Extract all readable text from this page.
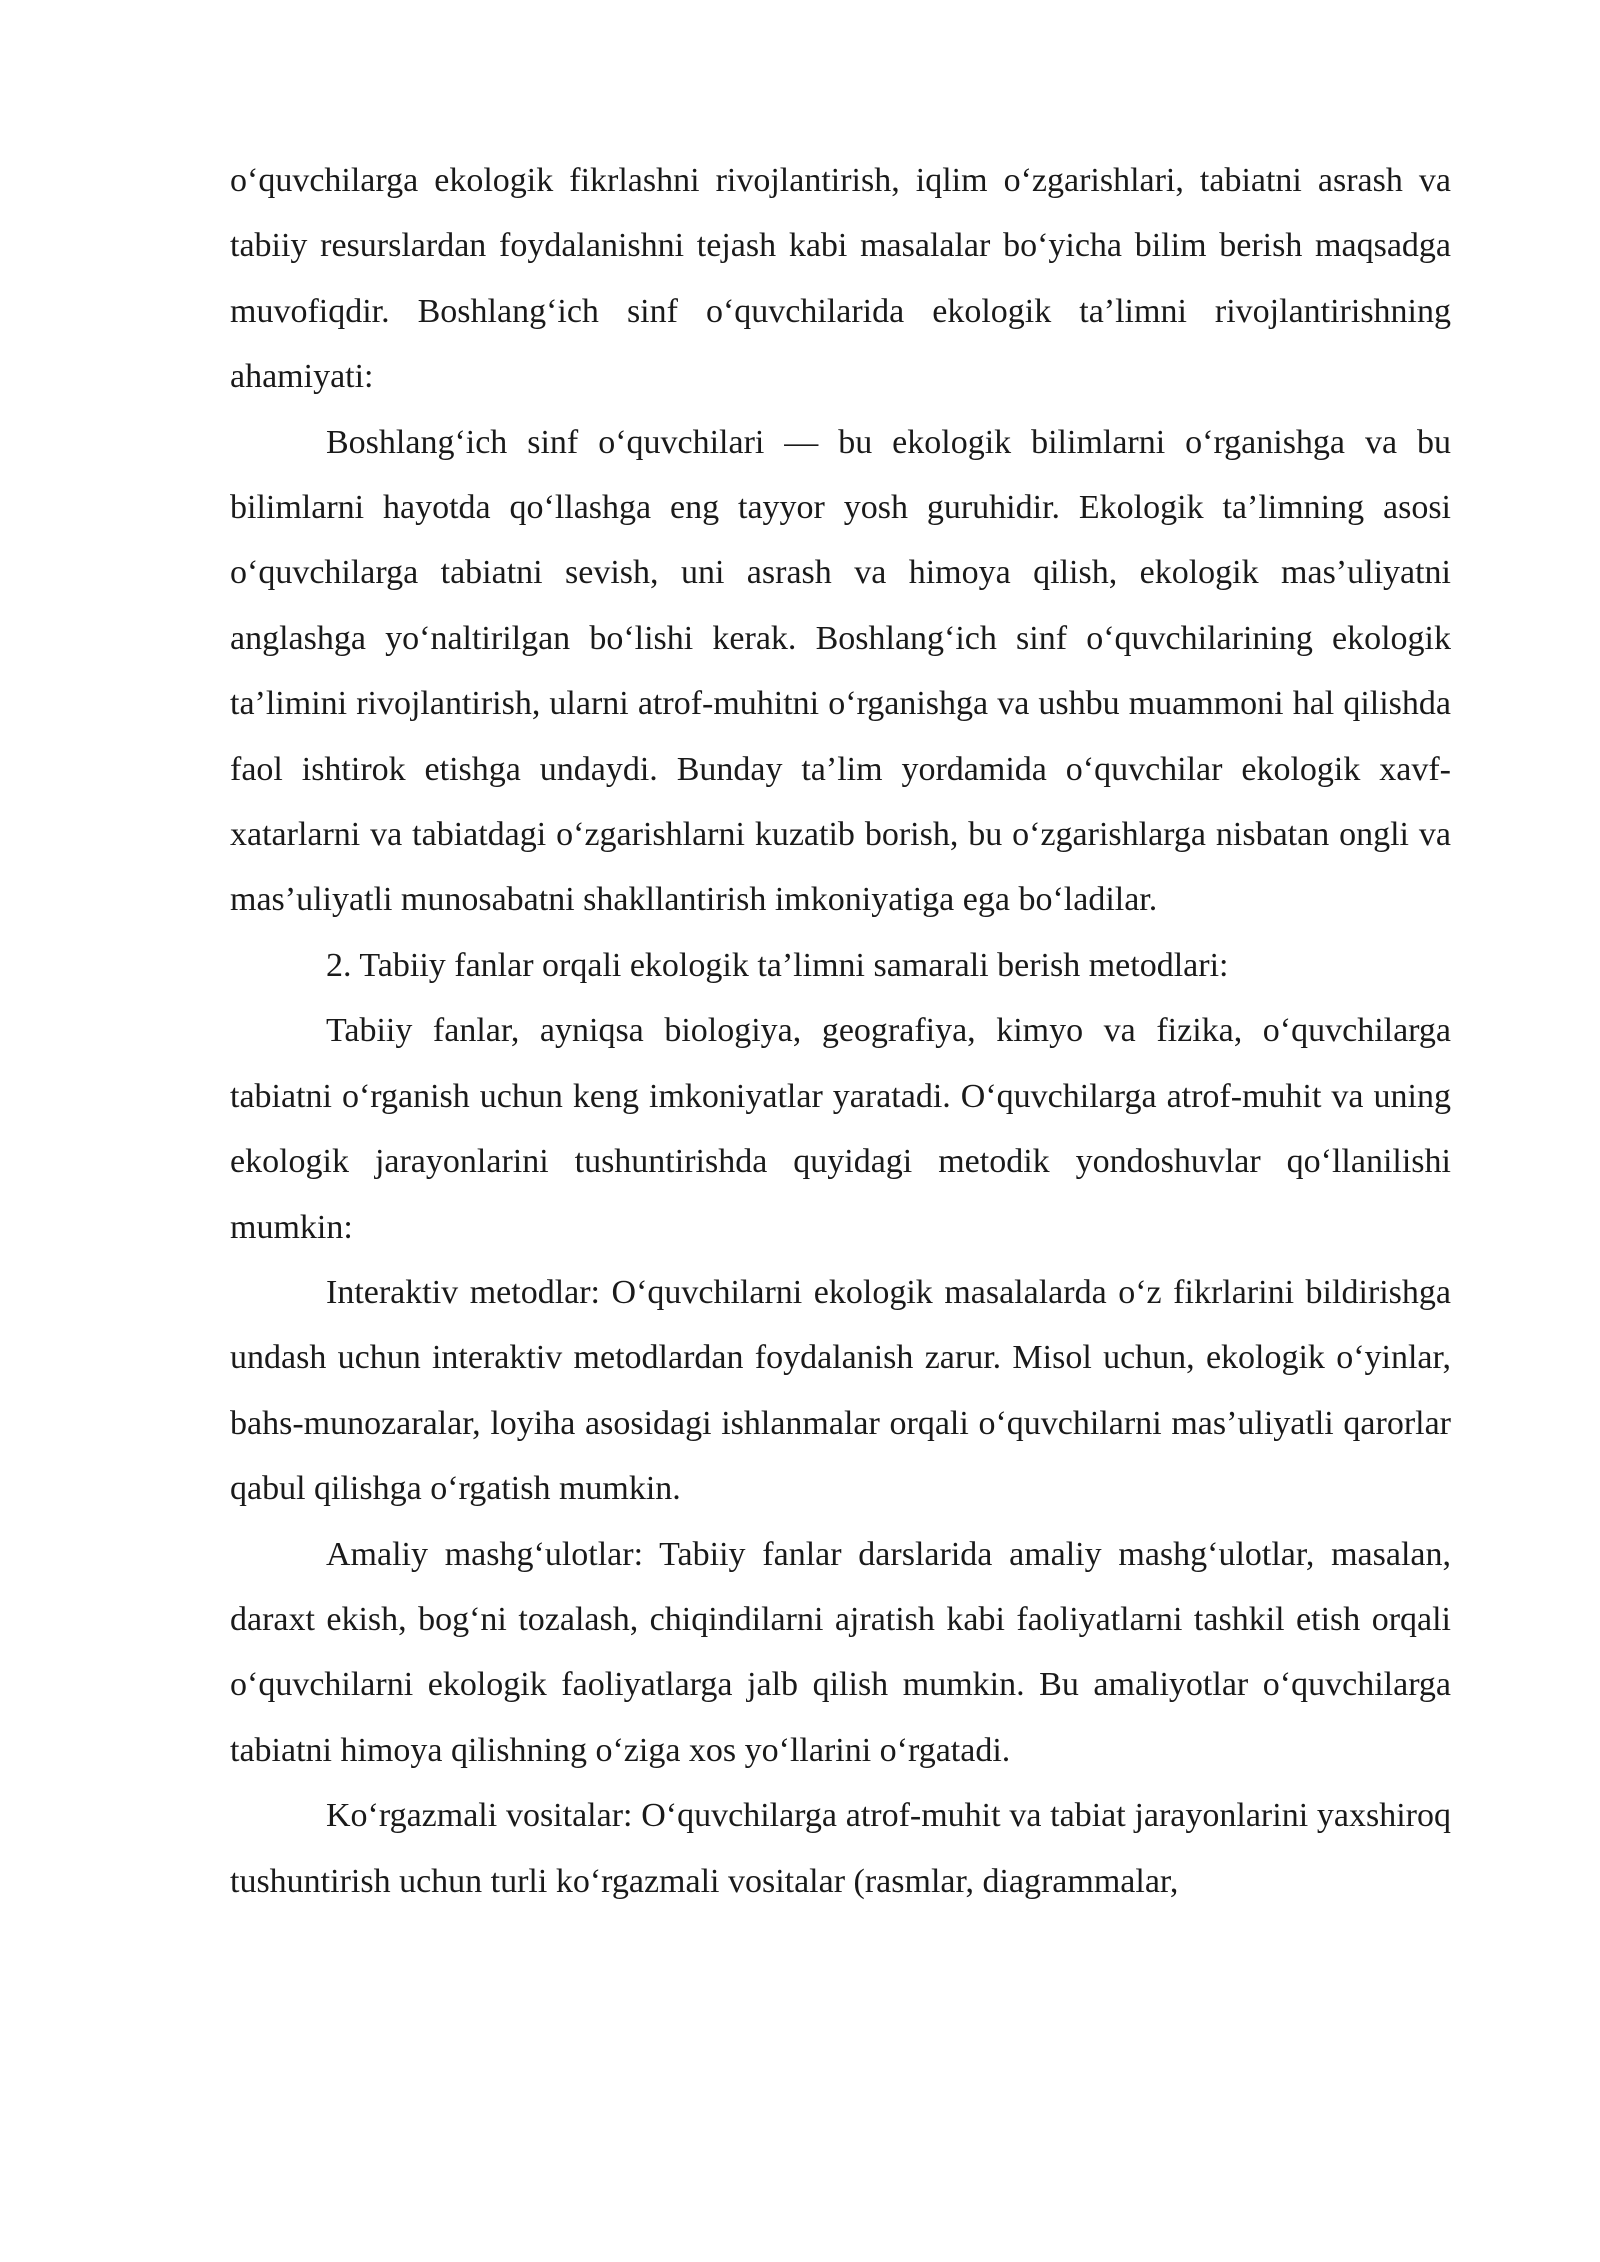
o‘quvchilarga ekologik fikrlashni rivojlantirish, iqlim o‘zgarishlari, tabiatni asrash va tabiiy resurslardan foydalanishni tejash kabi masalalar bo‘yicha bilim berish maqsadga muvofiqdir. Boshlang‘ich sinf o‘quvchilarida ekologik ta’limni rivojlantirishning ahamiyati:

Boshlang‘ich sinf o‘quvchilari — bu ekologik bilimlarni o‘rganishga va bu bilimlarni hayotda qo‘llashga eng tayyor yosh guruhidir. Ekologik ta’limning asosi o‘quvchilarga tabiatni sevish, uni asrash va himoya qilish, ekologik mas’uliyatni anglashga yo‘naltirilgan bo‘lishi kerak. Boshlang‘ich sinf o‘quvchilarining ekologik ta’limini rivojlantirish, ularni atrof-muhitni o‘rganishga va ushbu muammoni hal qilishda faol ishtirok etishga undaydi. Bunday ta’lim yordamida o‘quvchilar ekologik xavf-xatarlarni va tabiatdagi o‘zgarishlarni kuzatib borish, bu o‘zgarishlarga nisbatan ongli va mas’uliyatli munosabatni shakllantirish imkoniyatiga ega bo‘ladilar.

2. Tabiiy fanlar orqali ekologik ta’limni samarali berish metodlari:

Tabiiy fanlar, ayniqsa biologiya, geografiya, kimyo va fizika, o‘quvchilarga tabiatni o‘rganish uchun keng imkoniyatlar yaratadi. O‘quvchilarga atrof-muhit va uning ekologik jarayonlarini tushuntirishda quyidagi metodik yondoshuvlar qo‘llanilishi mumkin:

Interaktiv metodlar: O‘quvchilarni ekologik masalalarda o‘z fikrlarini bildirishga undash uchun interaktiv metodlardan foydalanish zarur. Misol uchun, ekologik o‘yinlar, bahs-munozaralar, loyiha asosidagi ishlanmalar orqali o‘quvchilarni mas’uliyatli qarorlar qabul qilishga o‘rgatish mumkin.

Amaliy mashg‘ulotlar: Tabiiy fanlar darslarida amaliy mashg‘ulotlar, masalan, daraxt ekish, bog‘ni tozalash, chiqindilarni ajratish kabi faoliyatlarni tashkil etish orqali o‘quvchilarni ekologik faoliyatlarga jalb qilish mumkin. Bu amaliyotlar o‘quvchilarga tabiatni himoya qilishning o‘ziga xos yo‘llarini o‘rgatadi.

Ko‘rgazmali vositalar: O‘quvchilarga atrof-muhit va tabiat jarayonlarini yaxshiroq tushuntirish uchun turli ko‘rgazmali vositalar (rasmlar, diagrammalar,
